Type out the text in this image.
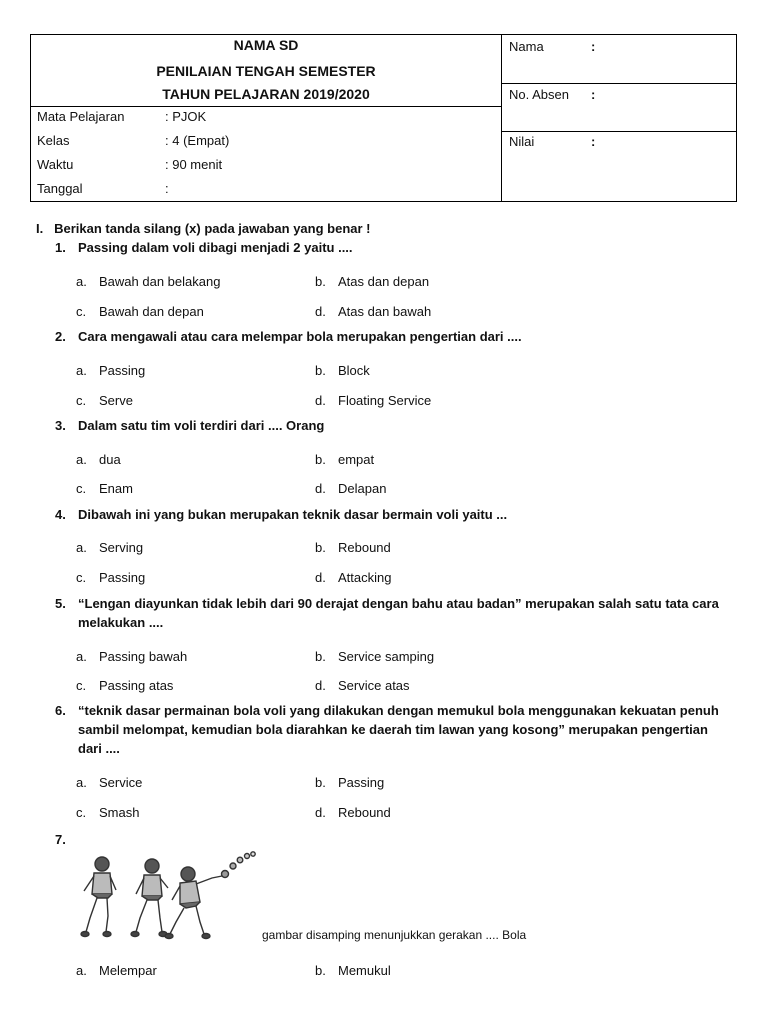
NAMA SD
PENILAIAN TENGAH SEMESTER
TAHUN PELAJARAN 2019/2020
Mata Pelajaran	: PJOK
Kelas	: 4 (Empat)
Waktu	: 90 menit
Tanggal	:
Nama	:
No. Absen :
Nilai	:
I. Berikan tanda silang (x) pada jawaban yang benar !
1. Passing dalam voli dibagi menjadi 2 yaitu ....
a. Bawah dan belakang	b. Atas dan depan
c. Bawah dan depan	d. Atas dan bawah
2. Cara mengawali atau cara melempar bola merupakan pengertian dari ....
a. Passing	b. Block
c. Serve	d. Floating Service
3. Dalam satu tim voli terdiri dari .... Orang
a. dua	b. empat
c. Enam	d. Delapan
4. Dibawah ini yang bukan merupakan teknik dasar bermain voli yaitu ...
a. Serving	b. Rebound
c. Passing	d. Attacking
5. “Lengan diayunkan tidak lebih dari 90 derajat dengan bahu atau badan” merupakan salah satu tata cara melakukan ....
a. Passing bawah	b. Service samping
c. Passing atas	d. Service atas
6. “teknik dasar permainan bola voli yang dilakukan dengan memukul bola menggunakan kekuatan penuh sambil melompat, kemudian bola diarahkan ke daerah tim lawan yang kosong” merupakan pengertian dari ....
a. Service	b. Passing
c. Smash	d. Rebound
7.
gambar disamping menunjukkan gerakan .... Bola
a. Melempar	b. Memukul
